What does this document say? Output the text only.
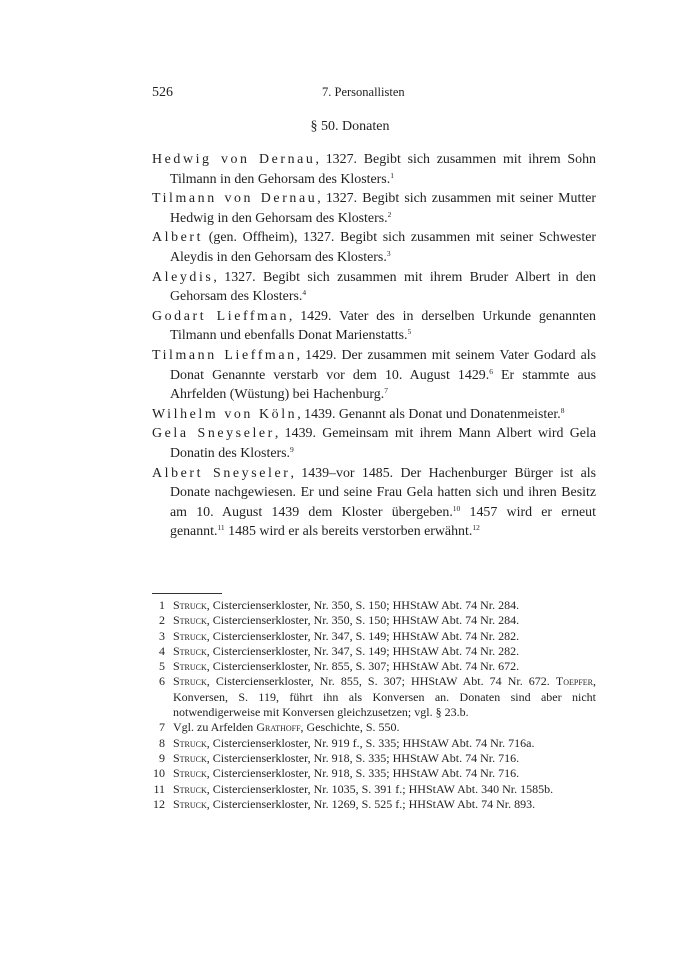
526	7. Personallisten
§ 50. Donaten

Hedwig von Dernau, 1327. Begibt sich zusammen mit ihrem Sohn Tilmann in den Gehorsam des Klosters.$^1$

Tilmann von Dernau, 1327. Begibt sich zusammen mit seiner Mutter Hedwig in den Gehorsam des Klosters.$^2$

Albert (gen. Offheim), 1327. Begibt sich zusammen mit seiner Schwester Aleydis in den Gehorsam des Klosters.$^3$

Aleydis, 1327. Begibt sich zusammen mit ihrem Bruder Albert in den Gehorsam des Klosters.$^4$

Godart Lieffman, 1429. Vater des in derselben Urkunde genannten Tilmann und ebenfalls Donat Marienstatts.$^5$

Tilmann Lieffman, 1429. Der zusammen mit seinem Vater Godard als Donat Genannte verstarb vor dem 10. August 1429.$^6$ Er stammte aus Ahrfelden (Wüstung) bei Hachenburg.$^7$

Wilhelm von Köln, 1439. Genannt als Donat und Donatenmeister.$^8$

Gela Sneyseler, 1439. Gemeinsam mit ihrem Mann Albert wird Gela Donatin des Klosters.$^9$

Albert Sneyseler, 1439–vor 1485. Der Hachenburger Bürger ist als Donate nachgewiesen. Er und seine Frau Gela hatten sich und ihren Besitz am 10. August 1439 dem Kloster übergeben.$^{10}$ 1457 wird er erneut genannt.$^{11}$ 1485 wird er als bereits verstorben erwähnt.$^{12}$

1 Struck, Cistercienserkloster, Nr. 350, S. 150; HHStAW Abt. 74 Nr. 284.
2 Struck, Cistercienserkloster, Nr. 350, S. 150; HHStAW Abt. 74 Nr. 284.
3 Struck, Cistercienserkloster, Nr. 347, S. 149; HHStAW Abt. 74 Nr. 282.
4 Struck, Cistercienserkloster, Nr. 347, S. 149; HHStAW Abt. 74 Nr. 282.
5 Struck, Cistercienserkloster, Nr. 855, S. 307; HHStAW Abt. 74 Nr. 672.
6 Struck, Cistercienserkloster, Nr. 855, S. 307; HHStAW Abt. 74 Nr. 672. Toepfer, Konversen, S. 119, führt ihn als Konversen an. Donaten sind aber nicht notwendigerweise mit Konversen gleichzusetzen; vgl. § 23.b.
7 Vgl. zu Arfelden Grathoff, Geschichte, S. 550.
8 Struck, Cistercienserkloster, Nr. 919 f., S. 335; HHStAW Abt. 74 Nr. 716a.
9 Struck, Cistercienserkloster, Nr. 918, S. 335; HHStAW Abt. 74 Nr. 716.
10 Struck, Cistercienserkloster, Nr. 918, S. 335; HHStAW Abt. 74 Nr. 716.
11 Struck, Cistercienserkloster, Nr. 1035, S. 391 f.; HHStAW Abt. 340 Nr. 1585b.
12 Struck, Cistercienserkloster, Nr. 1269, S. 525 f.; HHStAW Abt. 74 Nr. 893.
